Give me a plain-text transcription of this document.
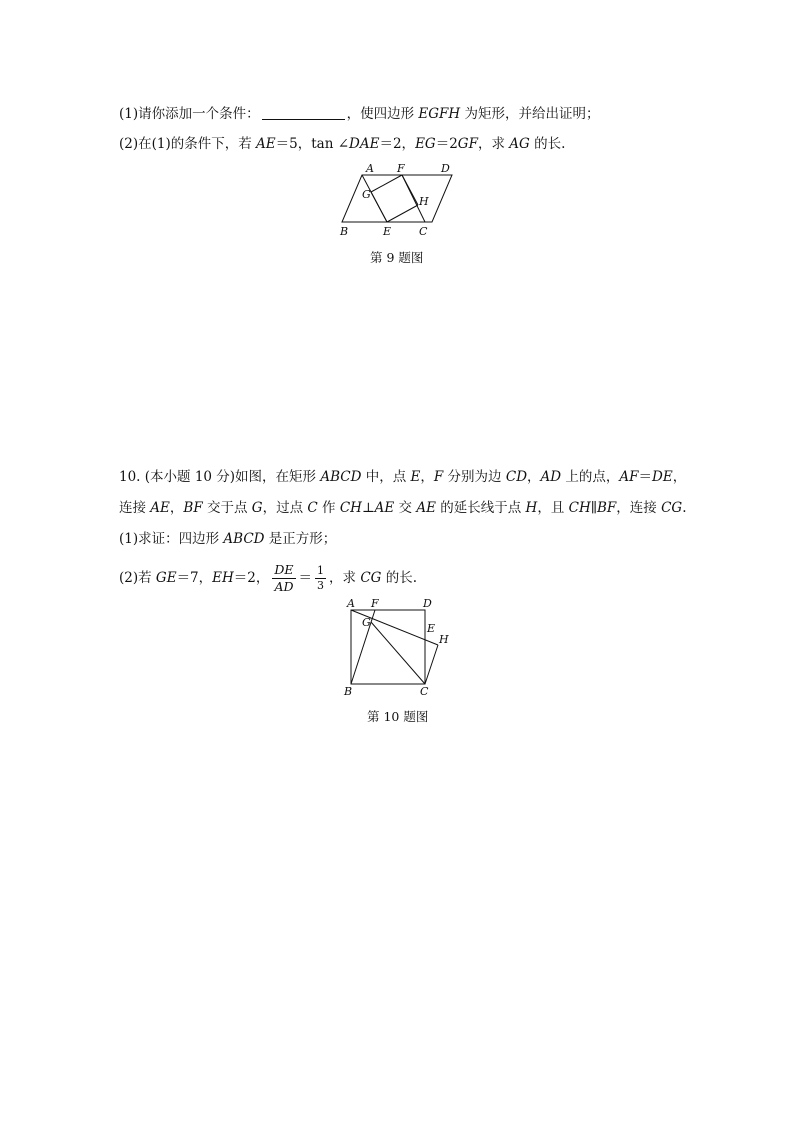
(1)请你添加一个条件：	，使四边形 EGFH 为矩形，并给出证明；
(2)在(1)的条件下，若 AE＝5，tan ∠DAE＝2，EG＝2GF，求 AG 的长.
A F	D
G
H
B	E	C
第 9 题图
10. (本小题 10 分)如图，在矩形 ABCD 中，点 E，F 分别为边 CD，AD 上的点，AF＝DE，
连接 AE，BF 交于点 G，过点 C 作 CH⊥AE 交 AE 的延长线于点 H，且 CH∥BF，连接 CG.
(1)求证：四边形 ABCD 是正方形；
(2)若 GE＝7，EH＝2， $\frac{DE}{AD} = \frac{1}{3}$ ，求 CG 的长.
A F	D
G	E
H
B	C
第 10 题图
